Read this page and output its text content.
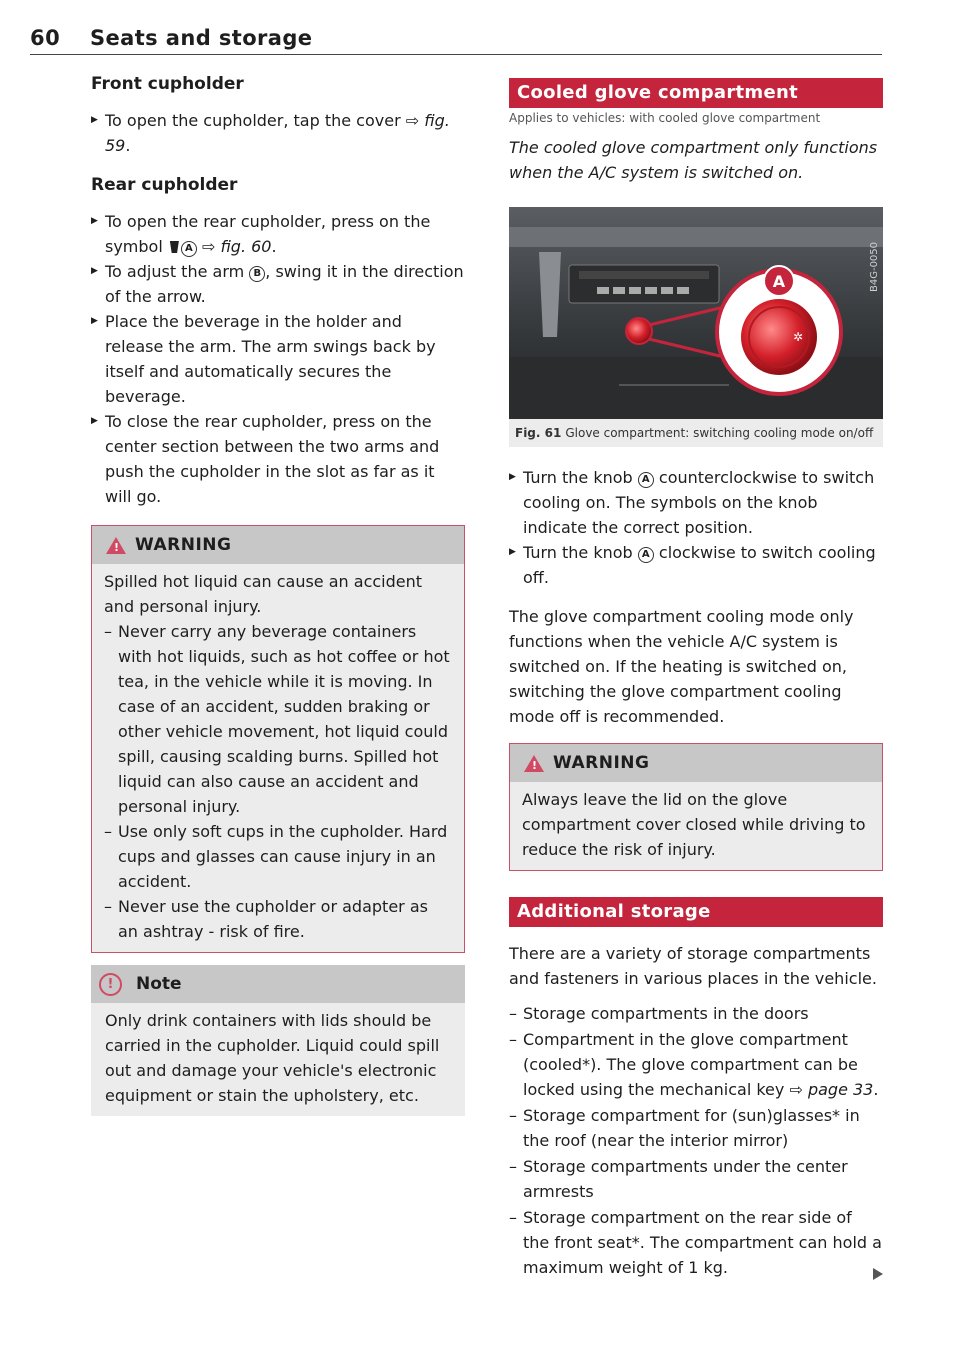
60 Seats and storage
Front cupholder

▶ To open the cupholder, tap the cover ⇨ fig. 59.

Rear cupholder

▶ To open the rear cupholder, press on the symbol A ⇨ fig. 60.

▶ To adjust the arm B , swing it in the direction of the arrow.

▶ Place the beverage in the holder and release the arm. The arm swings back by itself and automatically secures the beverage.

▶ To close the rear cupholder, press on the center section between the two arms and push the cupholder in the slot as far as it will go.

!
WARNING
Spilled hot liquid can cause an accident and personal injury.
– Never carry any beverage containers with hot liquids, such as hot coffee or hot tea, in the vehicle while it is moving. In case of an accident, sudden braking or other vehicle movement, hot liquid could spill, causing scalding burns. Spilled hot liquid can also cause an accident and personal injury.
– Use only soft cups in the cupholder. Hard cups and glasses can cause injury in an accident.
– Never use the cupholder or adapter as an ashtray - risk of fire.
!	Note
Only drink containers with lids should be carried in the cupholder. Liquid could spill out and damage your vehicle's electronic equipment or stain the upholstery, etc.
Cooled glove compartment
Applies to vehicles: with cooled glove compartment

The cooled glove compartment only functions when the A/C system is switched on.

✲
A	B4G-0050
Fig. 61 Glove compartment: switching cooling mode on/off

▶ Turn the knob A counterclockwise to switch cooling on. The symbols on the knob indicate the correct position.

▶ Turn the knob A clockwise to switch cooling off.

The glove compartment cooling mode only functions when the vehicle A/C system is switched on. If the heating is switched on, switching the glove compartment cooling mode off is recommended.

!
WARNING
Always leave the lid on the glove compartment cover closed while driving to reduce the risk of injury.
Additional storage

There are a variety of storage compartments and fasteners in various places in the vehicle.

– Storage compartments in the doors
– Compartment in the glove compartment (cooled*). The glove compartment can be locked using the mechanical key ⇨ page 33.
– Storage compartment for (sun)glasses* in the roof (near the interior mirror)
– Storage compartments under the center armrests
– Storage compartment on the rear side of the front seat*. The compartment can hold a maximum weight of 1 kg.
